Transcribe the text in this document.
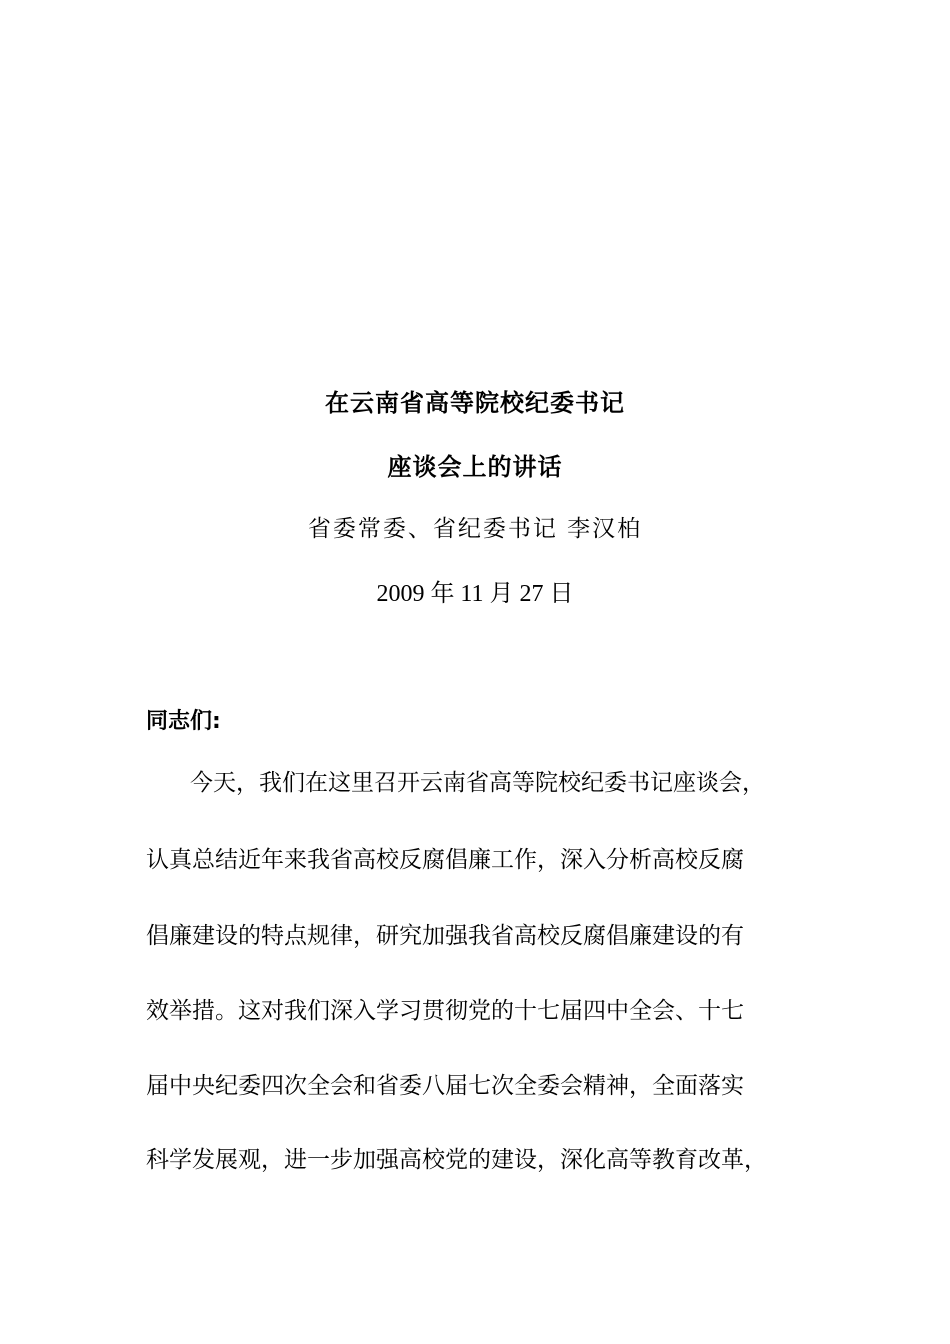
在云南省高等院校纪委书记
座谈会上的讲话
省委常委、省纪委书记 李汉柏
2009 年 11 月 27 日
同志们:
今天，我们在这里召开云南省高等院校纪委书记座谈会，
认真总结近年来我省高校反腐倡廉工作，深入分析高校反腐
倡廉建设的特点规律，研究加强我省高校反腐倡廉建设的有
效举措。这对我们深入学习贯彻党的十七届四中全会、十七
届中央纪委四次全会和省委八届七次全委会精神，全面落实
科学发展观，进一步加强高校党的建设，深化高等教育改革，
